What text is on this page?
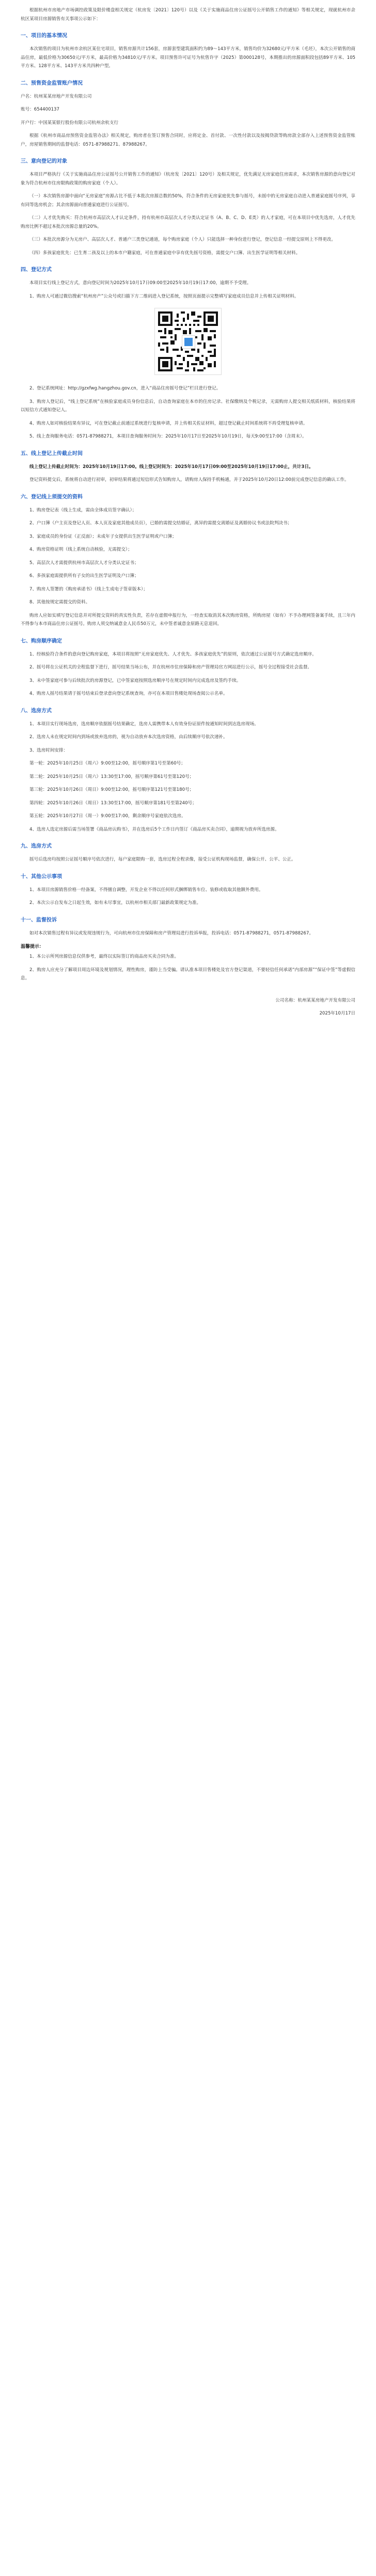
根据杭州市房地产市场调控政策及限价楼盘相关规定（杭房发〔2021〕120号）以及《关于实施商品住房公证摇号公开销售工作的通知》等相关规定，现就杭州市余杭区某项目房源销售有关事项公示如下：

一、项目的基本情况

本次销售的项目为杭州市余杭区某住宅项目，销售房源共计156套，房源套型建筑面积约为89～143平方米，销售均价为32680元/平方米（毛坯），本次公开销售的商品住房，最低价格为30650元/平方米，最高价格为34810元/平方米。项目预售许可证号为杭售许字（2025）第000128号，本期推出的房源面积段包括89平方米、105平方米、128平方米、143平方米共四种户型。

二、预售资金监管账户情况

户名：杭州某某房地产开发有限公司

账号：654400137

开户行：中国某某银行股份有限公司杭州余杭支行

根据《杭州市商品房预售资金监管办法》相关规定，购房者在签订预售合同时，应将定金、首付款、一次性付款以及按揭贷款等购房款全部存入上述预售资金监管账户，房屋销售期间的监督电话：0571-87988271、87988267。

三、意向登记的对象

本项目严格执行《关于实施商品住房公证摇号公开销售工作的通知》（杭房发〔2021〕120号）及相关规定，优先满足无房家庭住房需求，本次销售房源的意向登记对象为符合杭州市住房限购政策的购房家庭（个人）。

（一）本次销售房源中面向“无房家庭”房源占比不低于本批次房源总数的50%，符合条件的无房家庭优先参与摇号，未摇中的无房家庭自动进入普通家庭摇号序列，享有同等选房机会；其余房源面向普通家庭进行公证摇号。

（二）人才优先购买：符合杭州市高层次人才认定条件，持有杭州市高层次人才分类认定证书（A、B、C、D、E类）的人才家庭，可在本项目中优先选房，人才优先购房比例不超过本批次房源总量的20%。

（三）本批次房源分为无房户、高层次人才、普通户三类登记通道，每个购房家庭（个人）只能选择一种身份进行登记，登记信息一经提交原则上不得更改。

（四）多孩家庭优先：已生育二孩及以上的本市户籍家庭，可在普通家庭中享有优先摇号资格，需提交户口簿、出生医学证明等相关材料。

四、登记方式

本项目实行线上登记方式，意向登记时间为2025年10月17日09:00至2025年10月19日17:00，逾期不予受理。

1、购房人可通过微信搜索“杭州房产”公众号或扫描下方二维码进入登记系统，按照页面提示完整填写家庭成员信息并上传相关证明材料。

2、登记系统网址：http://gzxfwg.hangzhou.gov.cn，进入“商品住房摇号登记”栏目进行登记。

3、购房人登记后，“线上登记系统”在核验家庭成员身份信息后，自动查询家庭在本市的住房记录、社保缴纳及个税记录，无需购房人提交相关纸质材料，核验结果将以短信方式通知登记人。

4、购房人如对核验结果有异议，可在登记截止前通过系统进行复核申请，并上传相关佐证材料，超过登记截止时间系统将不再受理复核申请。

5、线上查询服务电话：0571-87988271，本项目查询服务时间为：2025年10月17日至2025年10月19日，每天9:00至17:00（含周末）。

五、线上登记上传截止时间

线上登记上传截止时间为：2025年10月19日17:00。线上登记时间为：2025年10月17日09:00至2025年10月19日17:00止，共计3日。

登记资料提交后，系统将自动进行初审，初审结果将通过短信形式告知购房人，请购房人保持手机畅通，并于2025年10月20日12:00前完成登记信息的确认工作。

六、登记线上须提交的资料

1、购房登记表（线上生成，需由全体成员签字确认）；

2、户口簿（户主页及登记人页、本人页及家庭其他成员页），已婚的需提交结婚证，离异的需提交离婚证及离婚协议书或法院判决书；

3、家庭成员的身份证（正反面）；未成年子女提供出生医学证明或户口簿；

4、购房资格证明（线上系统自动核验，无需提交）；

5、高层次人才需提供杭州市高层次人才分类认定证书；

6、多孩家庭需提供所有子女的出生医学证明及户口簿；

7、购房人签署的《购房承诺书》（线上生成电子签章版本）；

8、其他按规定需提交的资料。

购房人应如实填写登记信息并对所提交资料的真实性负责，若存在虚假申报行为，一经查实取消其本次购房资格，所购房屋（如有）不予办理网签备案手续，且三年内不得参与本市商品住房公证摇号。购房人须交纳诚意金人民币50万元，未中签者诚意金原路无息退回。

七、购房顺序确定

1、经核验符合条件的意向登记购房家庭，本项目将按照“无房家庭优先、人才优先、多孩家庭优先”的原则，依次通过公证摇号方式确定选房顺序。

2、摇号将在公证机关的全程监督下进行，摇号结果当场公布，并在杭州市住房保障和房产管理局官方网站进行公示，摇号全过程接受社会监督。

3、未中签家庭可参与后续批次的房源登记，已中签家庭按照选房顺序号在规定时间内完成选房及签约手续。

4、购房人摇号结果请于摇号结束后登录意向登记系统查询，亦可在本项目售楼处现场查阅公示名单。

八、选房方式

1、本项目实行现场选房，选房顺序依据摇号结果确定，选房人需携带本人有效身份证原件按通知时间到达选房现场。

2、选房人未在规定时间内到场或放弃选房的，视为自动放弃本次选房资格，由后续顺序号依次递补。

3、选房时间安排：

第一轮：2025年10月25日（周六）9:00至12:00，摇号顺序第1号至第60号；

第二轮：2025年10月25日（周六）13:30至17:00，摇号顺序第61号至第120号；

第三轮：2025年10月26日（周日）9:00至12:00，摇号顺序第121号至第180号；

第四轮：2025年10月26日（周日）13:30至17:00，摇号顺序第181号至第240号；

第五轮：2025年10月27日（周一）9:00至17:00，剩余顺序号家庭依次选房。

4、选房人选定房源后需当场签署《商品房认购书》，并在选房后5个工作日内签订《商品房买卖合同》，逾期视为放弃所选房源。

九、选房方式

摇号后选房均按照公证摇号顺序号依次进行，每户家庭限购一套，选房过程全程录像，接受公证机构现场监督，确保公开、公平、公正。

十、其他公示事项

1、本项目房源销售价格一经备案，不得擅自调整，开发企业不得以任何形式捆绑销售车位、装修或收取其他额外费用。

2、本次公示自发布之日起生效，如有未尽事宜，以杭州市相关部门最新政策规定为准。

十一、监督投诉

如对本次销售过程有异议或发现违规行为，可向杭州市住房保障和房产管理局进行投诉举报，投诉电话：0571-87988271，0571-87988267。

温馨提示：

1、本公示所列房源信息仅供参考，最终以实际签订的商品房买卖合同为准。

2、购房人应充分了解项目周边环境及规划情况，理性购房，谨防上当受骗。请认准本项目售楼处及官方登记渠道，不要轻信任何承诺“内部房源”“保证中签”等虚假信息。

公司名称：杭州某某房地产开发有限公司

2025年10月17日
